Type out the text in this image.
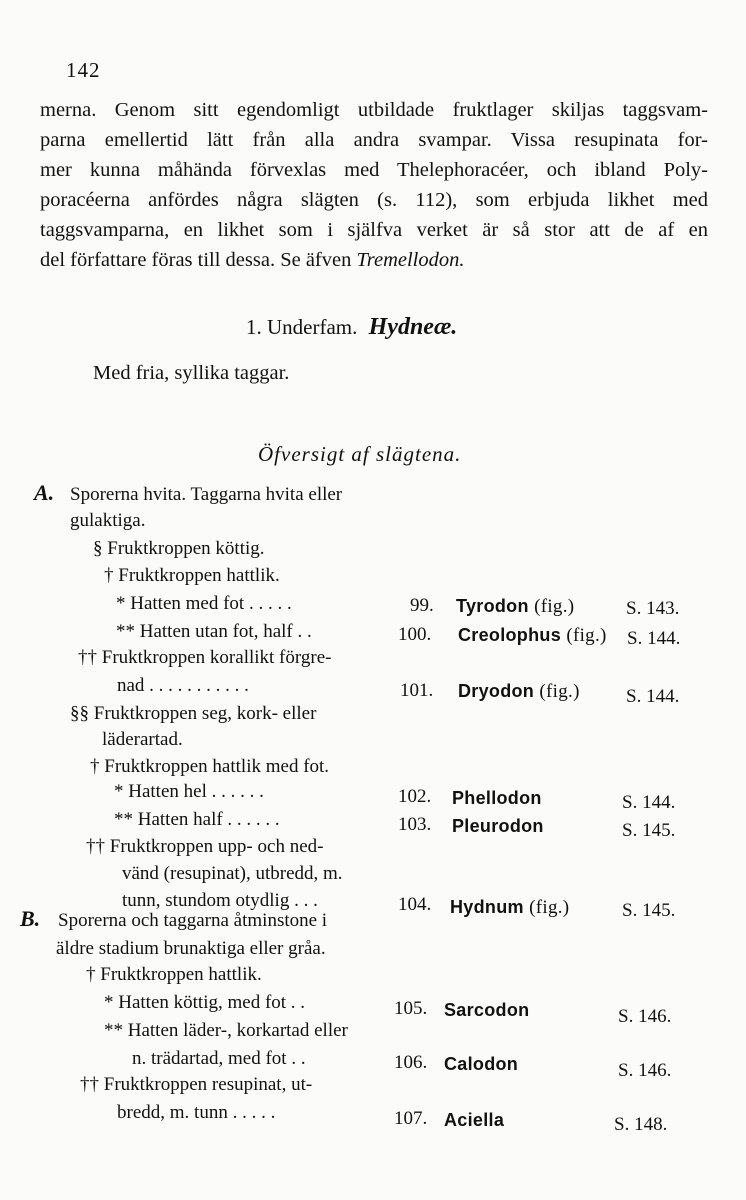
142
merna. Genom sitt egendomligt utbildade fruktlager skiljas taggsvam-
parna emellertid lätt från alla andra svampar. Vissa resupinata for-
mer kunna måhända förvexlas med Thelephoracéer, och ibland Poly-
poracéerna anfördes några slägten (s. 112), som erbjuda likhet med
taggsvamparna, en likhet som i själfva verket är så stor att de af en
del författare föras till dessa. Se äfven Tremellodon.
1. Underfam. Hydneæ.
Med fria, syllika taggar.
Öfversigt af slägtena.
A. Sporerna hvita. Taggarna hvita eller
gulaktiga.
§ Fruktkroppen köttig.
† Fruktkroppen hattlik.
* Hatten med fot . . . . .
** Hatten utan fot, half . .
†† Fruktkroppen korallikt förgre-
nad . . . . . . . . . . .
§§ Fruktkroppen seg, kork- eller
läderartad.
† Fruktkroppen hattlik med fot.
* Hatten hel . . . . . .
** Hatten half . . . . . .
†† Fruktkroppen upp- och ned-
vänd (resupinat), utbredd, m.
tunn, stundom otydlig . . .
B. Sporerna och taggarna åtminstone i
äldre stadium brunaktiga eller gråa.
† Fruktkroppen hattlik.
* Hatten köttig, med fot . .
** Hatten läder-, korkartad eller
n. trädartad, med fot . .
†† Fruktkroppen resupinat, ut-
bredd, m. tunn . . . . .
99. Tyrodon (fig.)	S. 143.
100. Creolophus (fig.) S. 144.
101. Dryodon (fig.) S. 144.
102. Phellodon	S. 144.
103. Pleurodon	S. 145.
104. Hydnum (fig.)	S. 145.
105. Sarcodon	S. 146.
106. Calodon	S. 146.
107. Aciella	S. 148.
